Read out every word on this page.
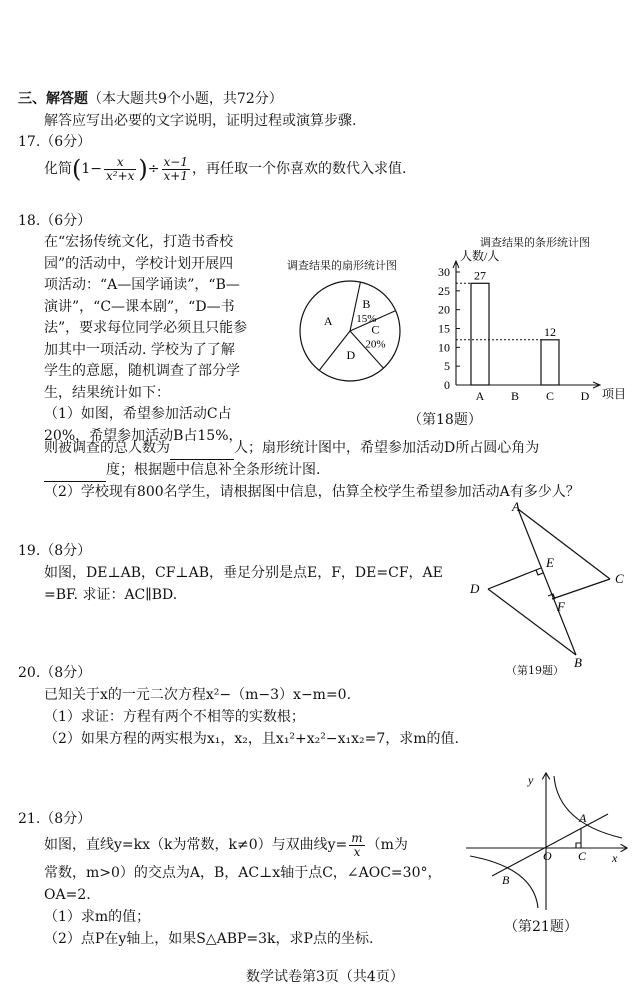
三、解答题（本大题共9个小题，共72分）
解答应写出必要的文字说明，证明过程或演算步骤.
17.（6分）
化简($1- \frac{x}{\text{x²+x}}$ )÷ $\frac{x-1}{x+1}$ ，再任取一个你喜欢的数代入求值.
18.（6分）
在“宏扬传统文化，打造书香校
园”的活动中，学校计划开展四
项活动：“A—国学诵读”，“B—
演讲”，“C—课本剧”，“D—书
法”，要求每位同学必须且只能参
加其中一项活动. 学校为了了解
学生的意愿，随机调查了部分学
生，结果统计如下：
（1）如图，希望参加活动C占
20%，希望参加活动B占15%，
则被调查的总人数为	人；扇形统计图中，希望参加活动D所占圆心角为
度；根据题中信息补全条形统计图.
（2）学校现有800名学生，请根据图中信息，估算全校学生希望参加活动A有多少人？
调查结果的扇形统计图
A
B
15%
C
20%
D
调查结果的条形统计图
0
5
10
15
20
25
30
A
27
B C
12
D
人数/人
项目
（第18题）
19.（8分）
如图，DE⊥AB，CF⊥AB，垂足分别是点E，F，DE=CF，AE
=BF. 求证：AC∥BD.
A
B
C
D
E
F
（第19题）
20.（8分）
已知关于x的一元二次方程x²−（m−3）x−m=0.
（1）求证：方程有两个不相等的实数根；
（2）如果方程的两实根为x₁，x₂，且x₁²+x₂²−x₁x₂=7，求m的值.
21.（8分）
如图，直线y=kx（k为常数，k≠0）与双曲线$y= \frac{m}{x} (m$为
常数，m>0）的交点为A，B，AC⊥x轴于点C，∠AOC=30°，
OA=2.
（1）求m的值；
（2）点P在y轴上，如果S△ABP=3k，求P点的坐标.
y
x
O
A
C
B
（第21题）
数学试卷第3页（共4页）
